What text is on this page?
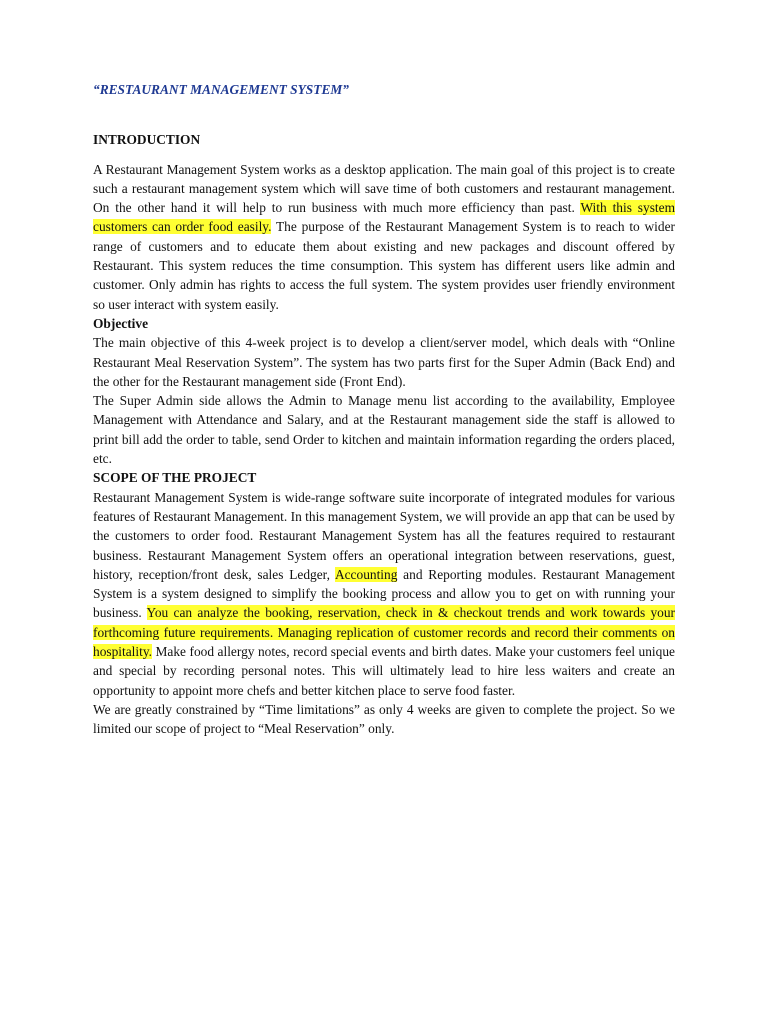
“RESTAURANT MANAGEMENT SYSTEM”
INTRODUCTION

A Restaurant Management System works as a desktop application. The main goal of this project is to create such a restaurant management system which will save time of both customers and restaurant management. On the other hand it will help to run business with much more efficiency than past. With this system customers can order food easily. The purpose of the Restaurant Management System is to reach to wider range of customers and to educate them about existing and new packages and discount offered by Restaurant. This system reduces the time consumption. This system has different users like admin and customer. Only admin has rights to access the full system. The system provides user friendly environment so user interact with system easily.

Objective

The main objective of this 4-week project is to develop a client/server model, which deals with “Online Restaurant Meal Reservation System”. The system has two parts first for the Super Admin (Back End) and the other for the Restaurant management side (Front End).

The Super Admin side allows the Admin to Manage menu list according to the availability, Employee Management with Attendance and Salary, and at the Restaurant management side the staff is allowed to print bill add the order to table, send Order to kitchen and maintain information regarding the orders placed, etc.

SCOPE OF THE PROJECT

Restaurant Management System is wide-range software suite incorporate of integrated modules for various features of Restaurant Management. In this management System, we will provide an app that can be used by the customers to order food. Restaurant Management System has all the features required to restaurant business. Restaurant Management System offers an operational integration between reservations, guest, history, reception/front desk, sales Ledger, Accounting and Reporting modules. Restaurant Management System is a system designed to simplify the booking process and allow you to get on with running your business. You can analyze the booking, reservation, check in & checkout trends and work towards your forthcoming future requirements. Managing replication of customer records and record their comments on hospitality. Make food allergy notes, record special events and birth dates. Make your customers feel unique and special by recording personal notes. This will ultimately lead to hire less waiters and create an opportunity to appoint more chefs and better kitchen place to serve food faster.

We are greatly constrained by “Time limitations” as only 4 weeks are given to complete the project. So we limited our scope of project to “Meal Reservation” only.
